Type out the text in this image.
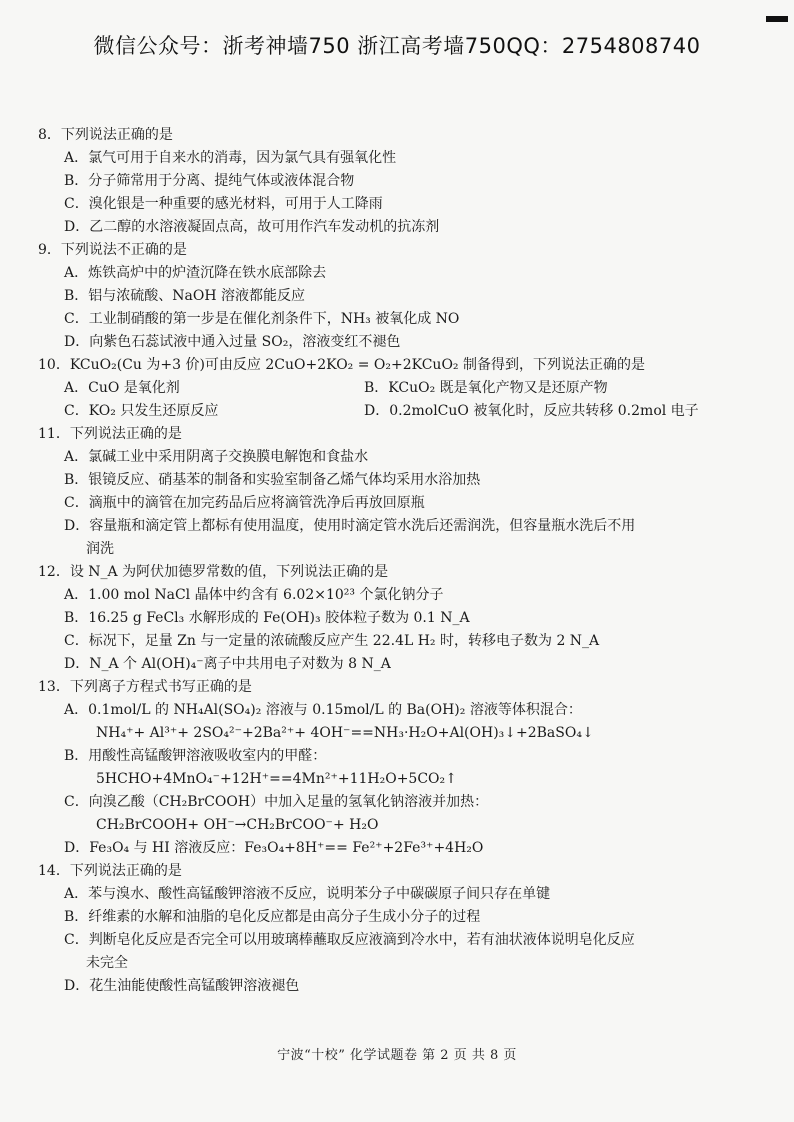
微信公众号：浙考神墙750 浙江高考墙750QQ：2754808740
8．下列说法正确的是
A．氯气可用于自来水的消毒，因为氯气具有强氧化性
B．分子筛常用于分离、提纯气体或液体混合物
C．溴化银是一种重要的感光材料，可用于人工降雨
D．乙二醇的水溶液凝固点高，故可用作汽车发动机的抗冻剂
9．下列说法不正确的是
A．炼铁高炉中的炉渣沉降在铁水底部除去
B．铝与浓硫酸、NaOH 溶液都能反应
C．工业制硝酸的第一步是在催化剂条件下，NH₃ 被氧化成 NO
D．向紫色石蕊试液中通入过量 SO₂，溶液变红不褪色
10．KCuO₂(Cu 为+3 价)可由反应 2CuO+2KO₂ = O₂+2KCuO₂ 制备得到，下列说法正确的是
A．CuO 是氧化剂	B．KCuO₂ 既是氧化产物又是还原产物
C．KO₂ 只发生还原反应	D．0.2molCuO 被氧化时，反应共转移 0.2mol 电子
11．下列说法正确的是
A．氯碱工业中采用阴离子交换膜电解饱和食盐水
B．银镜反应、硝基苯的制备和实验室制备乙烯气体均采用水浴加热
C．滴瓶中的滴管在加完药品后应将滴管洗净后再放回原瓶
D．容量瓶和滴定管上都标有使用温度，使用时滴定管水洗后还需润洗，但容量瓶水洗后不用
润洗
12．设 N_A 为阿伏加德罗常数的值，下列说法正确的是
A．1.00 mol NaCl 晶体中约含有 6.02×10²³ 个氯化钠分子
B．16.25 g FeCl₃ 水解形成的 Fe(OH)₃ 胶体粒子数为 0.1 N_A
C．标况下，足量 Zn 与一定量的浓硫酸反应产生 22.4L H₂ 时，转移电子数为 2 N_A
D．N_A 个 Al(OH)₄⁻离子中共用电子对数为 8 N_A
13．下列离子方程式书写正确的是
A．0.1mol/L 的 NH₄Al(SO₄)₂ 溶液与 0.15mol/L 的 Ba(OH)₂ 溶液等体积混合：
NH₄⁺+ Al³⁺+ 2SO₄²⁻+2Ba²⁺+ 4OH⁻==NH₃·H₂O+Al(OH)₃↓+2BaSO₄↓
B．用酸性高锰酸钾溶液吸收室内的甲醛：
5HCHO+4MnO₄⁻+12H⁺==4Mn²⁺+11H₂O+5CO₂↑
C．向溴乙酸（CH₂BrCOOH）中加入足量的氢氧化钠溶液并加热：
CH₂BrCOOH+ OH⁻→CH₂BrCOO⁻+ H₂O
D．Fe₃O₄ 与 HI 溶液反应：Fe₃O₄+8H⁺== Fe²⁺+2Fe³⁺+4H₂O
14．下列说法正确的是
A．苯与溴水、酸性高锰酸钾溶液不反应，说明苯分子中碳碳原子间只存在单键
B．纤维素的水解和油脂的皂化反应都是由高分子生成小分子的过程
C．判断皂化反应是否完全可以用玻璃棒蘸取反应液滴到冷水中，若有油状液体说明皂化反应
未完全
D．花生油能使酸性高锰酸钾溶液褪色
宁波“十校” 化学试题卷 第 2 页 共 8 页
